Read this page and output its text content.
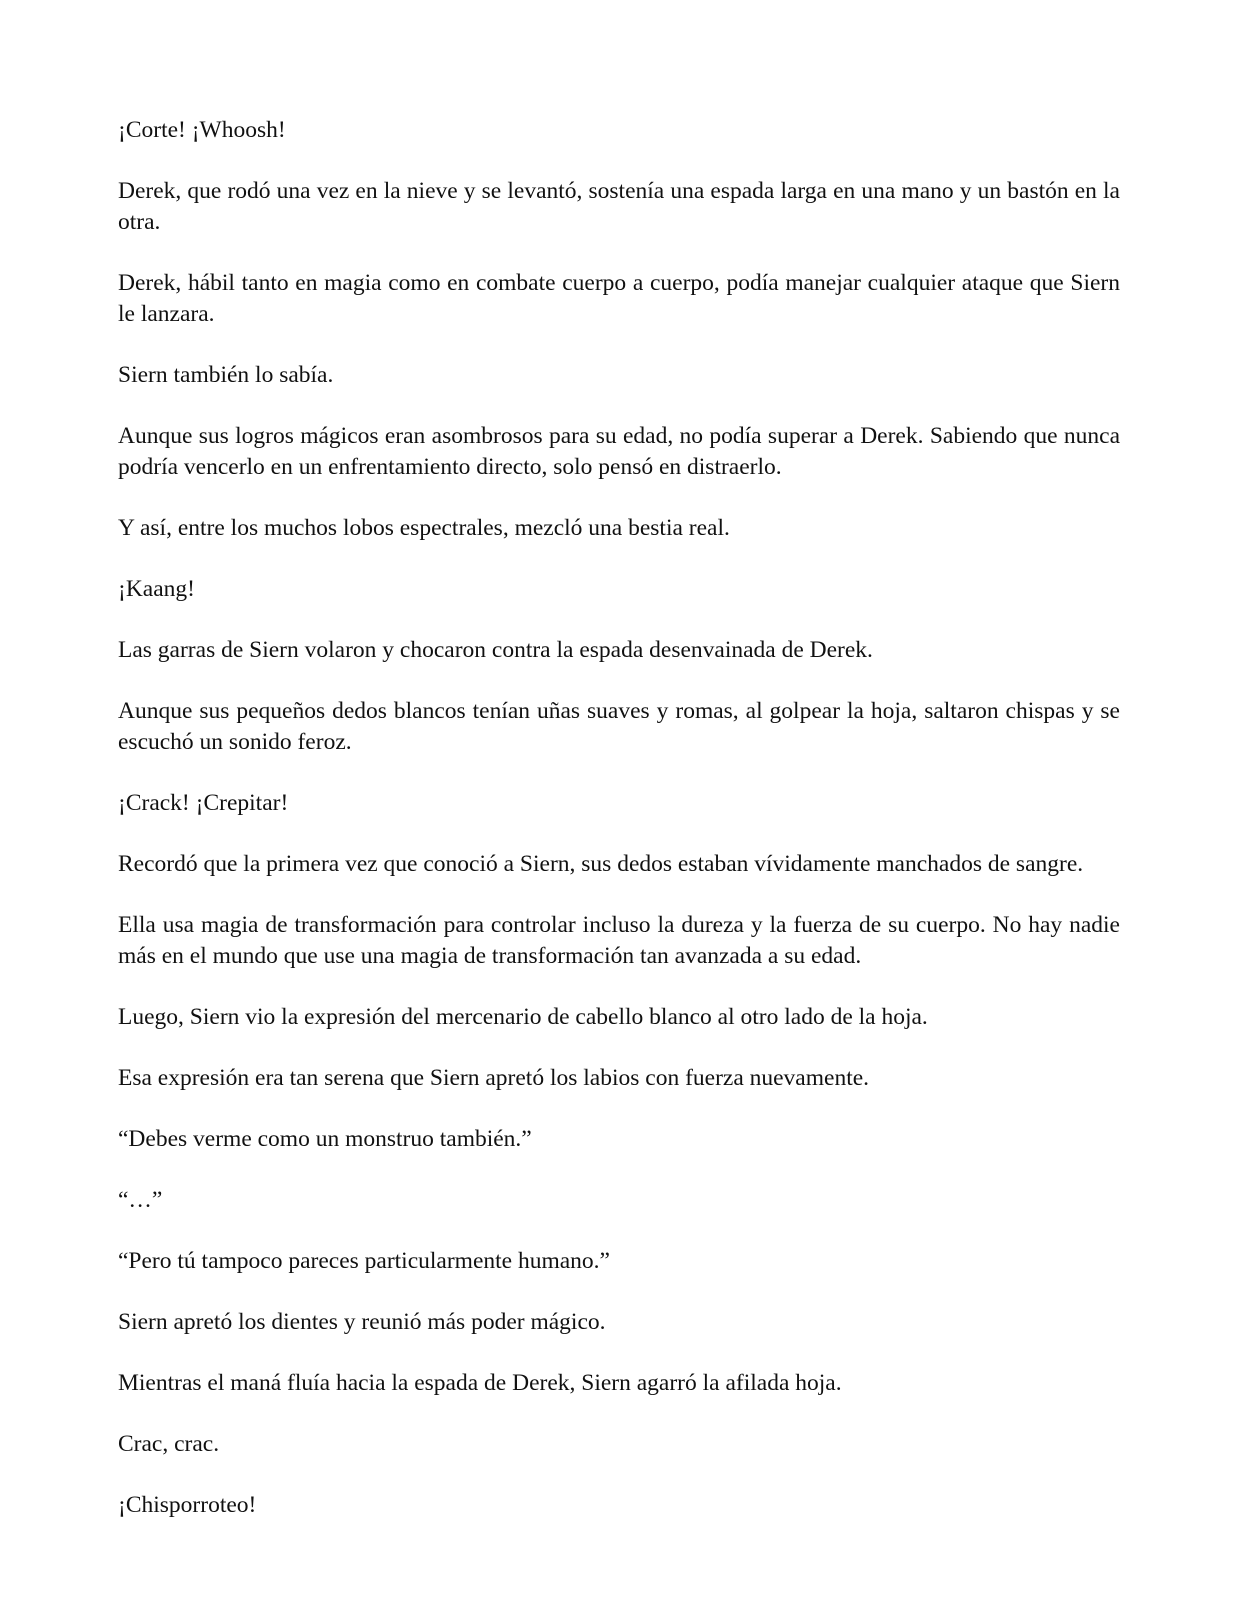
¡Corte! ¡Whoosh!

Derek, que rodó una vez en la nieve y se levantó, sostenía una espada larga en una mano y un bastón en la otra.

Derek, hábil tanto en magia como en combate cuerpo a cuerpo, podía manejar cualquier ataque que Siern le lanzara.

Siern también lo sabía.

Aunque sus logros mágicos eran asombrosos para su edad, no podía superar a Derek. Sabiendo que nunca podría vencerlo en un enfrentamiento directo, solo pensó en distraerlo.

Y así, entre los muchos lobos espectrales, mezcló una bestia real.

¡Kaang!

Las garras de Siern volaron y chocaron contra la espada desenvainada de Derek.

Aunque sus pequeños dedos blancos tenían uñas suaves y romas, al golpear la hoja, saltaron chispas y se escuchó un sonido feroz.

¡Crack! ¡Crepitar!

Recordó que la primera vez que conoció a Siern, sus dedos estaban vívidamente manchados de sangre.

Ella usa magia de transformación para controlar incluso la dureza y la fuerza de su cuerpo. No hay nadie más en el mundo que use una magia de transformación tan avanzada a su edad.

Luego, Siern vio la expresión del mercenario de cabello blanco al otro lado de la hoja.

Esa expresión era tan serena que Siern apretó los labios con fuerza nuevamente.

“Debes verme como un monstruo también.”

“…”

“Pero tú tampoco pareces particularmente humano.”

Siern apretó los dientes y reunió más poder mágico.

Mientras el maná fluía hacia la espada de Derek, Siern agarró la afilada hoja.

Crac, crac.

¡Chisporroteo!
